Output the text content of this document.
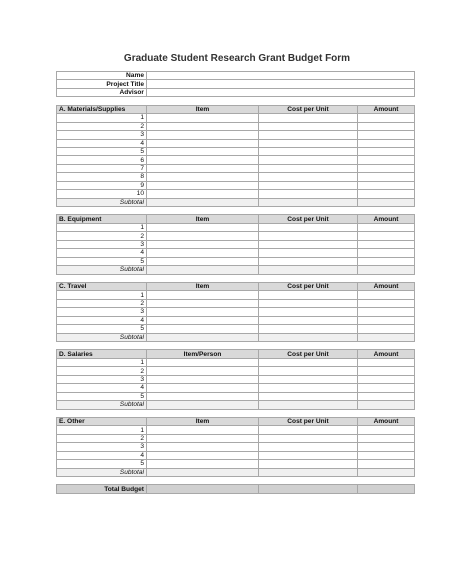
Graduate Student Research Grant Budget Form
Name			
Project Title			
Advisor			

A. Materials/Supplies	Item	Cost per Unit	Amount
1			
2			
3			
4			
5			
6			
7			
8			
9			
10			
Subtotal			

B. Equipment	Item	Cost per Unit	Amount
1			
2			
3			
4			
5			
Subtotal			

C. Travel	Item	Cost per Unit	Amount
1			
2			
3			
4			
5			
Subtotal			

D. Salaries	Item/Person	Cost per Unit	Amount
1			
2			
3			
4			
5			
Subtotal			

E. Other	Item	Cost per Unit	Amount
1			
2			
3			
4			
5			
Subtotal			

Total Budget			
